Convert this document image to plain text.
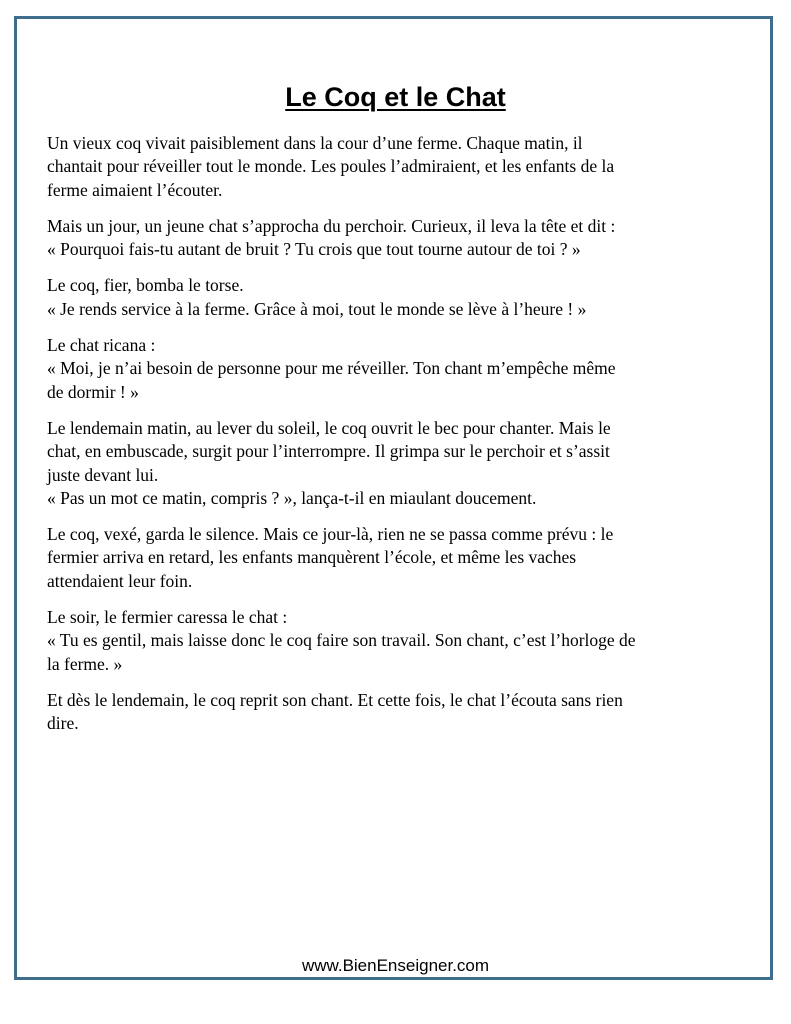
Le Coq et le Chat

Un vieux coq vivait paisiblement dans la cour d’une ferme. Chaque matin, il
chantait pour réveiller tout le monde. Les poules l’admiraient, et les enfants de la
ferme aimaient l’écouter.

Mais un jour, un jeune chat s’approcha du perchoir. Curieux, il leva la tête et dit :
« Pourquoi fais-tu autant de bruit ? Tu crois que tout tourne autour de toi ? »

Le coq, fier, bomba le torse.
« Je rends service à la ferme. Grâce à moi, tout le monde se lève à l’heure ! »

Le chat ricana :
« Moi, je n’ai besoin de personne pour me réveiller. Ton chant m’empêche même
de dormir ! »

Le lendemain matin, au lever du soleil, le coq ouvrit le bec pour chanter. Mais le
chat, en embuscade, surgit pour l’interrompre. Il grimpa sur le perchoir et s’assit
juste devant lui.
« Pas un mot ce matin, compris ? », lança-t-il en miaulant doucement.

Le coq, vexé, garda le silence. Mais ce jour-là, rien ne se passa comme prévu : le
fermier arriva en retard, les enfants manquèrent l’école, et même les vaches
attendaient leur foin.

Le soir, le fermier caressa le chat :
« Tu es gentil, mais laisse donc le coq faire son travail. Son chant, c’est l’horloge de
la ferme. »

Et dès le lendemain, le coq reprit son chant. Et cette fois, le chat l’écouta sans rien
dire.

www.BienEnseigner.com
